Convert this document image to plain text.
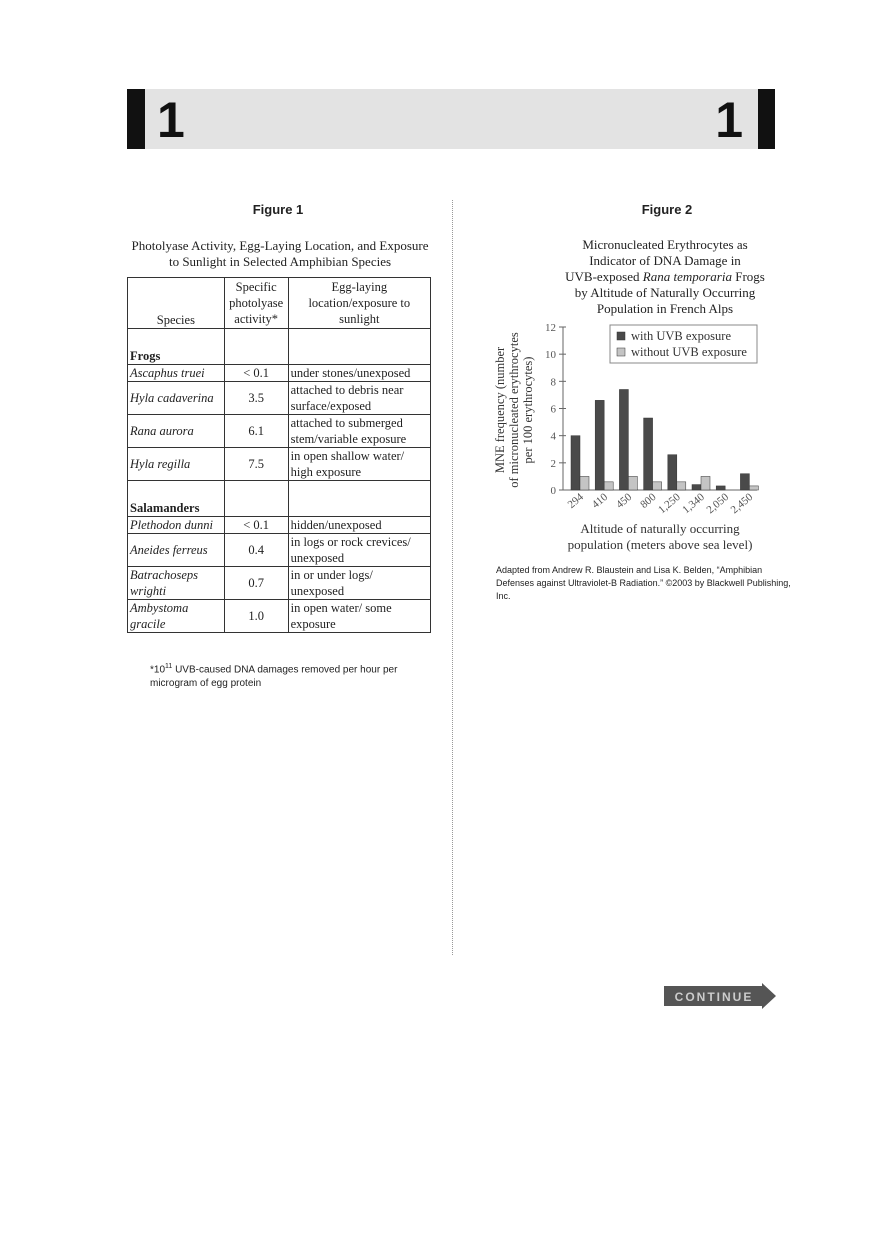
1	1
Figure 1
Photolyase Activity, Egg-Laying Location, and Exposure
to Sunlight in Selected Amphibian Species
Species	Specific photolyase activity*	Egg-laying location/exposure to sunlight
Frogs		
Ascaphus truei	< 0.1	under stones/unexposed
Hyla cadaverina	3.5	attached to debris near surface/exposed
Rana aurora	6.1	attached to submerged stem/variable exposure
Hyla regilla	7.5	in open shallow water/ high exposure
Salamanders		
Plethodon dunni	< 0.1	hidden/unexposed
Aneides ferreus	0.4	in logs or rock crevices/ unexposed
Batrachoseps wrighti	0.7	in or under logs/ unexposed
Ambystoma gracile	1.0	in open water/ some exposure
$*10^{11}$ UVB-caused DNA damages removed per hour per microgram of egg protein
Figure 2
Micronucleated Erythrocytes as
Indicator of DNA Damage in
UVB-exposed Rana temporaria Frogs
by Altitude of Naturally Occurring
Population in French Alps
0
2
4
6
8
10
12
294 410 450 800
1,250
1,340
2,050
2,450
with UVB exposure
without UVB exposure
MNE frequency (number of micronucleated erythrocytes per 100 erythrocytes)
Altitude of naturally occurring
population (meters above sea level)
Adapted from Andrew R. Blaustein and Lisa K. Belden, “Amphibian Defenses against Ultraviolet-B Radiation.” ©2003 by Blackwell Publishing, Inc.
CONTINUE
